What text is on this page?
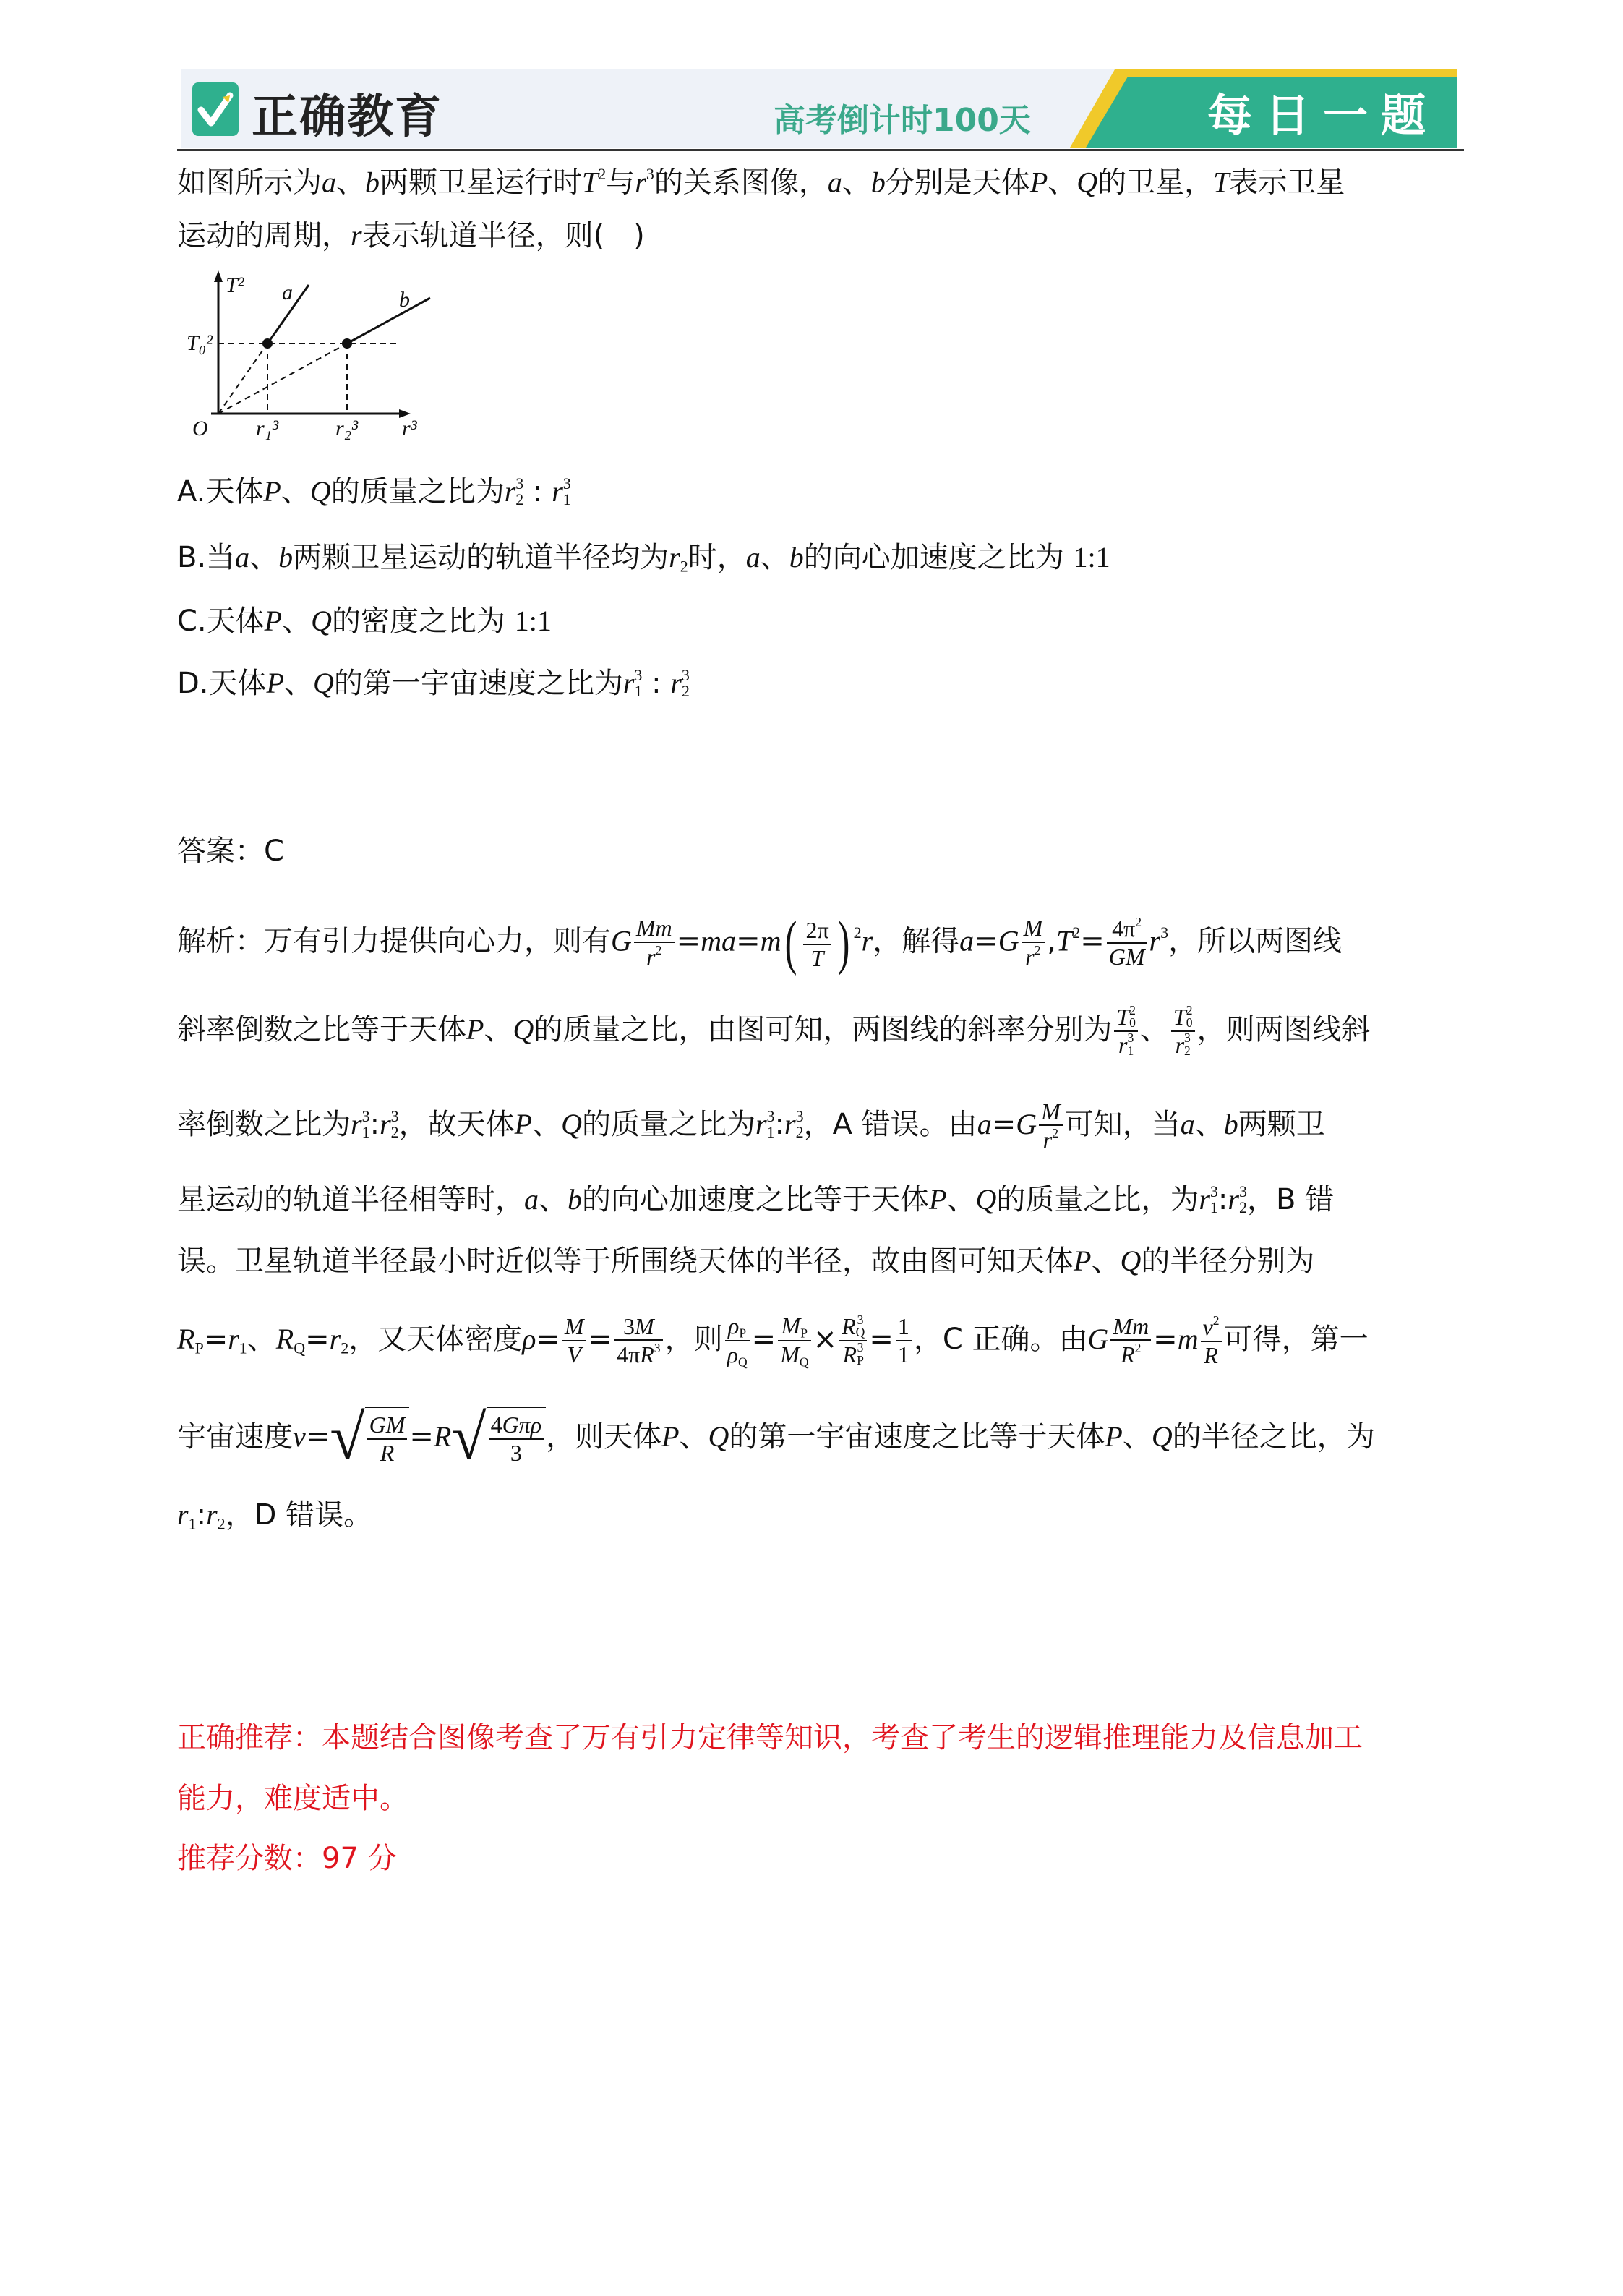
正确教育	高考倒计时100天	每日一题
如图所示为a、b两颗卫星运行时$T^2$与$r^3$的关系图像，a、b分别是天体P、Q的卫星，T表示卫星
运动的周期，r表示轨道半径，则(　)
T²
T₀²
O r₁³	r₂³ r³
a	b
A.天体P、Q的质量之比为r 3
2 : r 3
1
B.当a、b两颗卫星运动的轨道半径均为$r_2$时，a、b的向心加速度之比为 1:1
C.天体P、Q的密度之比为 1:1
D.天体P、Q的第一宇宙速度之比为r 3
1 : r 3
2
答案：C
解析：万有引力提供向心力，则有G $\frac{Mm}{r^2} =ma=m$ ( $\frac{2\pi}{T}$ ) $^2$r，解得$a=G \frac{M}{r^2} ,T^2= \frac{4\pi^2}{GM} r^3$，所以两图线
斜率倒数之比等于天体P、Q的质量之比，由图可知，两图线的斜率分别为 T 2
0
r 3
1 、 T 2
0
r 3
2 ，则两图线斜
率倒数之比为r 3
1 :r 3
2 ，故天体P、Q的质量之比为r 3
1 :r 3
2 ，A 错误。由$a=G \frac{M}{r^2}$ 可知，当a、b两颗卫
星运动的轨道半径相等时，a、b的向心加速度之比等于天体P、Q的质量之比，为r 3
1 :r 3
2 ，B 错
误。卫星轨道半径最小时近似等于所围绕天体的半径，故由图可知天体P、Q的半径分别为
$R_P=r_1$、$R_Q=r_2$，又天体密度$\rho= \frac{M}{V} = \frac{3M}{4\pi R^3}$ ，则 $\frac{\rho_P}{\rho_Q} = \frac{M_P}{M_Q} \times R$ 3
Q
R 3
$P = \frac{1}{1}$ ，C 正确。由G $\frac{Mm}{R^2} =m \frac{v^2}{R}$ 可得，第一
宇宙速度v= √ $\frac{GM}{R} =R$ √ $\frac{\text{4Gπρ}}{3}$ ，则天体P、Q的第一宇宙速度之比等于天体P、Q的半径之比，为
$r_1:r_2$，D 错误。
正确推荐：本题结合图像考查了万有引力定律等知识，考查了考生的逻辑推理能力及信息加工
能力，难度适中。
推荐分数：97 分
